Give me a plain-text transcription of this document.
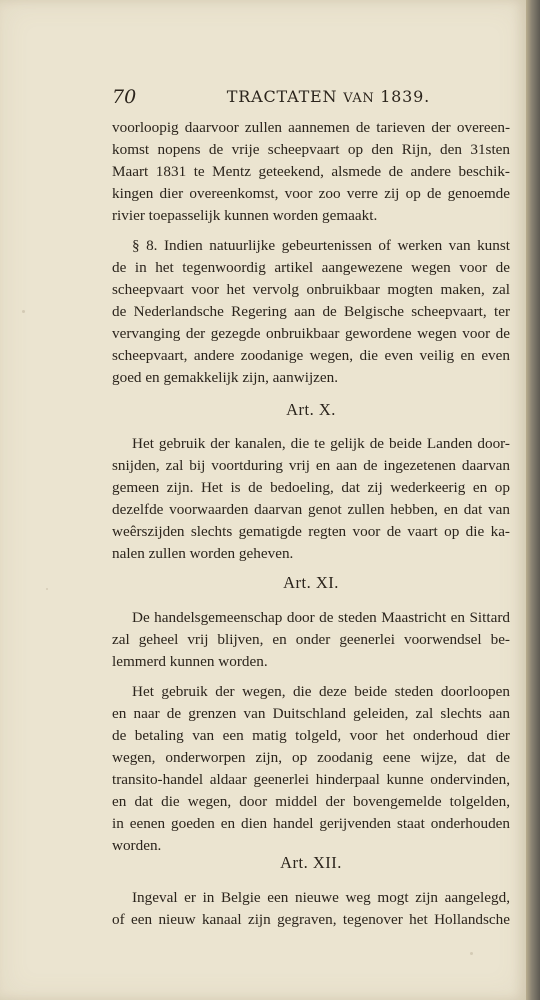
70	TRACTATEN VAN 1839.
voorloopig daarvoor zullen aannemen de tarieven der overeen-
komst nopens de vrije scheepvaart op den Rijn, den 31sten
Maart 1831 te Mentz geteekend, alsmede de andere beschik-
kingen dier overeenkomst, voor zoo verre zij op de genoemde
rivier toepasselijk kunnen worden gemaakt.
§ 8. Indien natuurlijke gebeurtenissen of werken van kunst
de in het tegenwoordig artikel aangewezene wegen voor de
scheepvaart voor het vervolg onbruikbaar mogten maken, zal
de Nederlandsche Regering aan de Belgische scheepvaart, ter
vervanging der gezegde onbruikbaar gewordene wegen voor de
scheepvaart, andere zoodanige wegen, die even veilig en even
goed en gemakkelijk zijn, aanwijzen.
Art. X.
Het gebruik der kanalen, die te gelijk de beide Landen door-
snijden, zal bij voortduring vrij en aan de ingezetenen daarvan
gemeen zijn. Het is de bedoeling, dat zij wederkeerig en op
dezelfde voorwaarden daarvan genot zullen hebben, en dat van
weêrszijden slechts gematigde regten voor de vaart op die ka-
nalen zullen worden geheven.
Art. XI.
De handelsgemeenschap door de steden Maastricht en Sittard
zal geheel vrij blijven, en onder geenerlei voorwendsel be-
lemmerd kunnen worden.
Het gebruik der wegen, die deze beide steden doorloopen
en naar de grenzen van Duitschland geleiden, zal slechts aan
de betaling van een matig tolgeld, voor het onderhoud dier
wegen, onderworpen zijn, op zoodanig eene wijze, dat de
transito-handel aldaar geenerlei hinderpaal kunne ondervinden,
en dat die wegen, door middel der bovengemelde tolgelden,
in eenen goeden en dien handel gerijvenden staat onderhouden
worden.
Art. XII.
Ingeval er in Belgie een nieuwe weg mogt zijn aangelegd,
of een nieuw kanaal zijn gegraven, tegenover het Hollandsche
